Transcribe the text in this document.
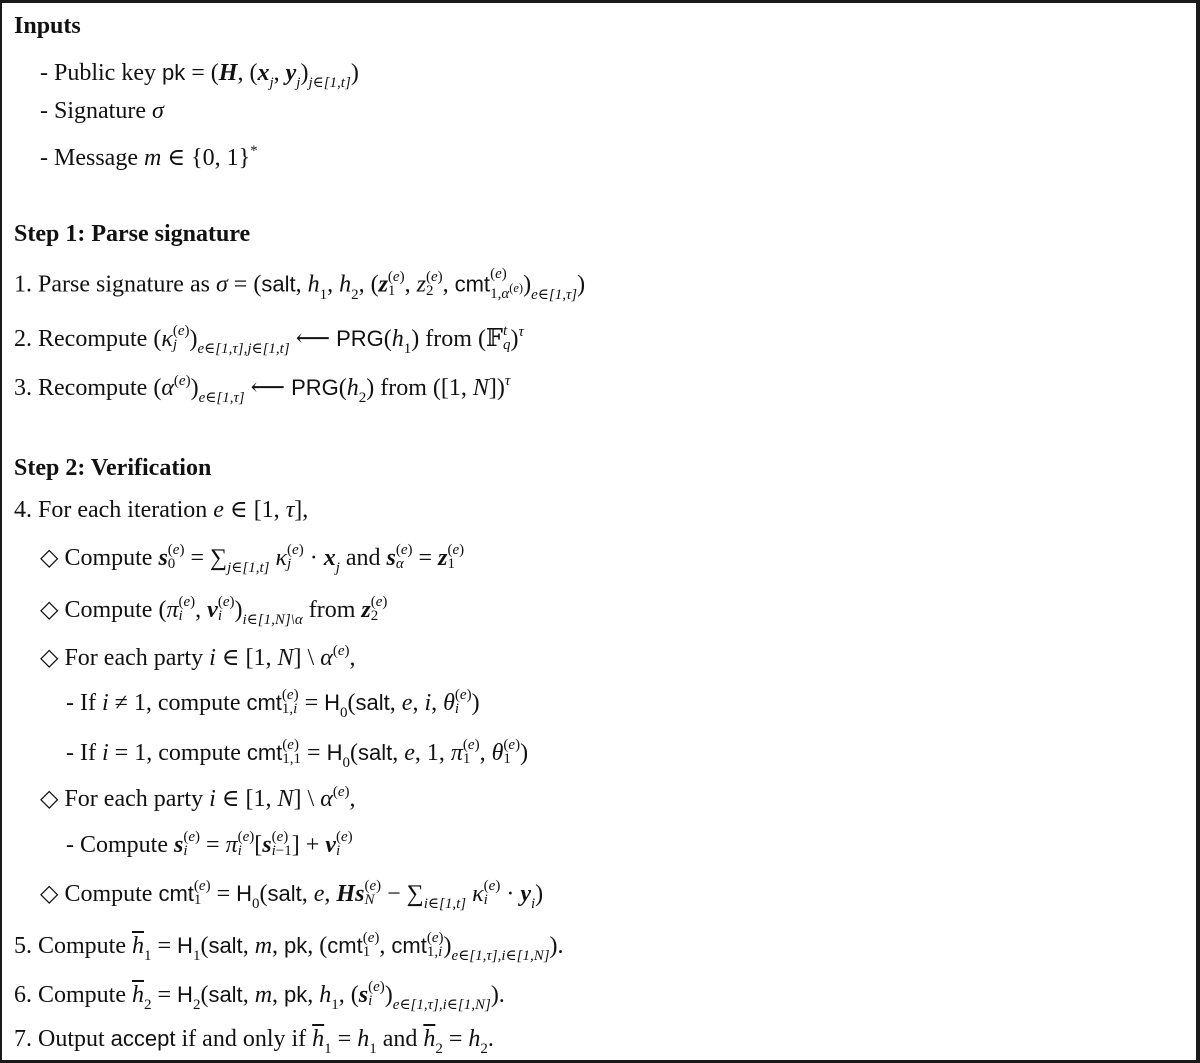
Inputs
- Public key pk = (H, ($x_j$, $y_j)_{j\in[1,t]}$)
- Signature σ
- Message m ∈ {0, 1}*
Step 1: Parse signature
1. Parse signature as σ = (salt, $h_1$, $h_2$, (z (e)
1 , z (e)
2 , cmt (e)
$1,\alpha^{(e)}$ )$_{e\in[1,\tau]}$)
2. Recompute (κ (e)
j )$_{e\in[1,\tau],j\in[1,t]}$ ⟵ $PRG(h_1)$ from (𝔽 t
q )$^\tau$
3. Recompute $(\alpha^{(e)})_{e\in[1,\tau]}$ ⟵ $PRG(h_2)$ from ([1, N])$^\tau$
Step 2: Verification
4. For each iteration e ∈ [1, τ],
◇ Compute s (e)
$0 = \sum_{j\in[1,t]}$ κ (e)
$j \cdot x_j$ and s (e)
α = z (e)
1
◇ Compute (π (e)
i , v (e)
i )$_{i\in[1,N]\backslash\alpha}$ from z (e)
2
◇ For each party i ∈ [1, N] \ $\alpha^{(e)}$,
- If i ≠ 1, compute cmt (e)
$1,i = H_0(salt$, e, i, θ (e)
i )
- If i = 1, compute cmt (e)
$1,1 = H_0(salt$, e, 1, π (e)
1 , θ (e)
1 )
◇ For each party i ∈ [1, N] \ $\alpha^{(e)}$,
- Compute s (e)
i = π (e)
i [s (e)
i−1 ] + v (e)
i
◇ Compute cmt (e)
$1 = H_0(salt$, e, Hs (e)
$N - \sum_{i\in[1,t]}$ κ (e)
$i \cdot y_i$)
5. Compute $\overline{h}_1$ = $H_1(salt$, m, pk, (cmt (e)
1 , cmt (e)
1,i )$_{e\in[1,\tau],i\in[1,N]}$).
6. Compute $\overline{h}_2$ = $H_2(salt$, m, pk, $h_1$, (s (e)
i )$_{e\in[1,\tau],i\in[1,N]}$).
7. Output accept if and only if $\overline{h}_1 = h_1$ and $\overline{h}_2 = h_2$.
